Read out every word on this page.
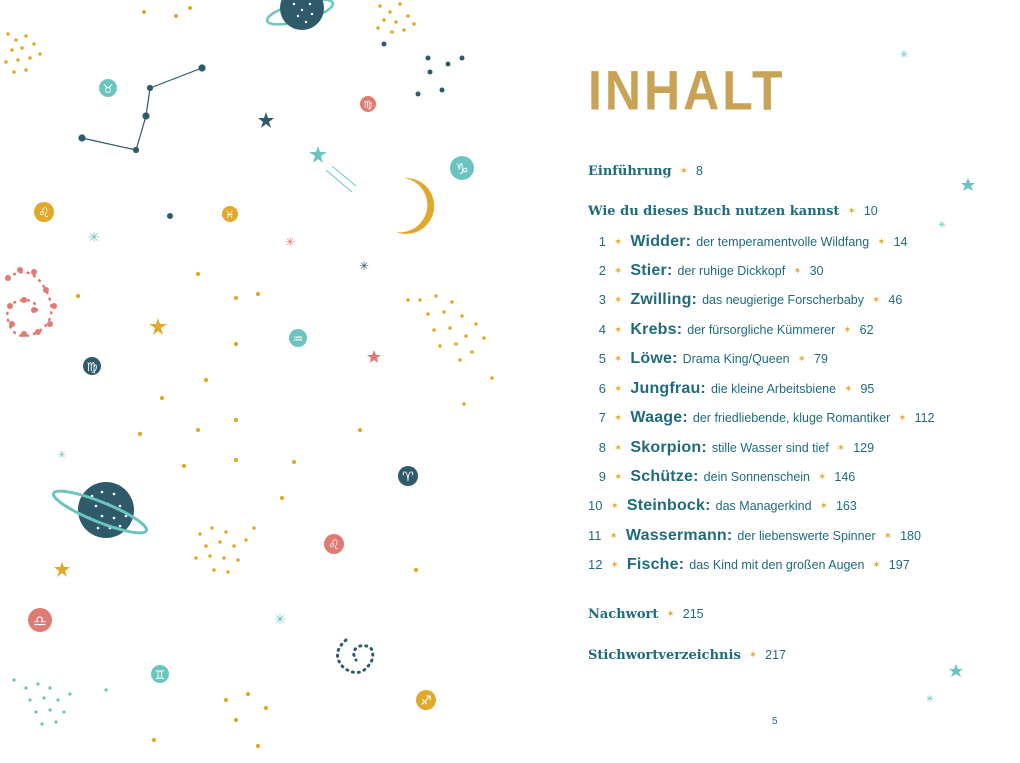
♉
♍
♑
♌	♓
♒
♍
♈
♌
♎
♊
♐
✳	✳
✳
✳
✳
INHALT
Einführung ✶ 8
Wie du dieses Buch nutzen kannst ✶ 10
1 ✶ Widder: der temperamentvolle Wildfang ✶ 14
2 ✶ Stier: der ruhige Dickkopf ✶ 30
3 ✶ Zwilling: das neugierige Forscherbaby ✶ 46
4 ✶ Krebs: der fürsorgliche Kümmerer ✶ 62
5 ✶ Löwe: Drama King/Queen ✶ 79
6 ✶ Jungfrau: die kleine Arbeitsbiene ✶ 95
7 ✶ Waage: der friedliebende, kluge Romantiker ✶ 112
8 ✶ Skorpion: stille Wasser sind tief ✶ 129
9 ✶ Schütze: dein Sonnenschein ✶ 146
10 ✶ Steinbock: das Managerkind ✶ 163
11 ✶ Wassermann: der liebenswerte Spinner ✶ 180
12 ✶ Fische: das Kind mit den großen Augen ✶ 197
Nachwort ✶ 215
Stichwortverzeichnis ✶ 217
✳
✳
✳
5
